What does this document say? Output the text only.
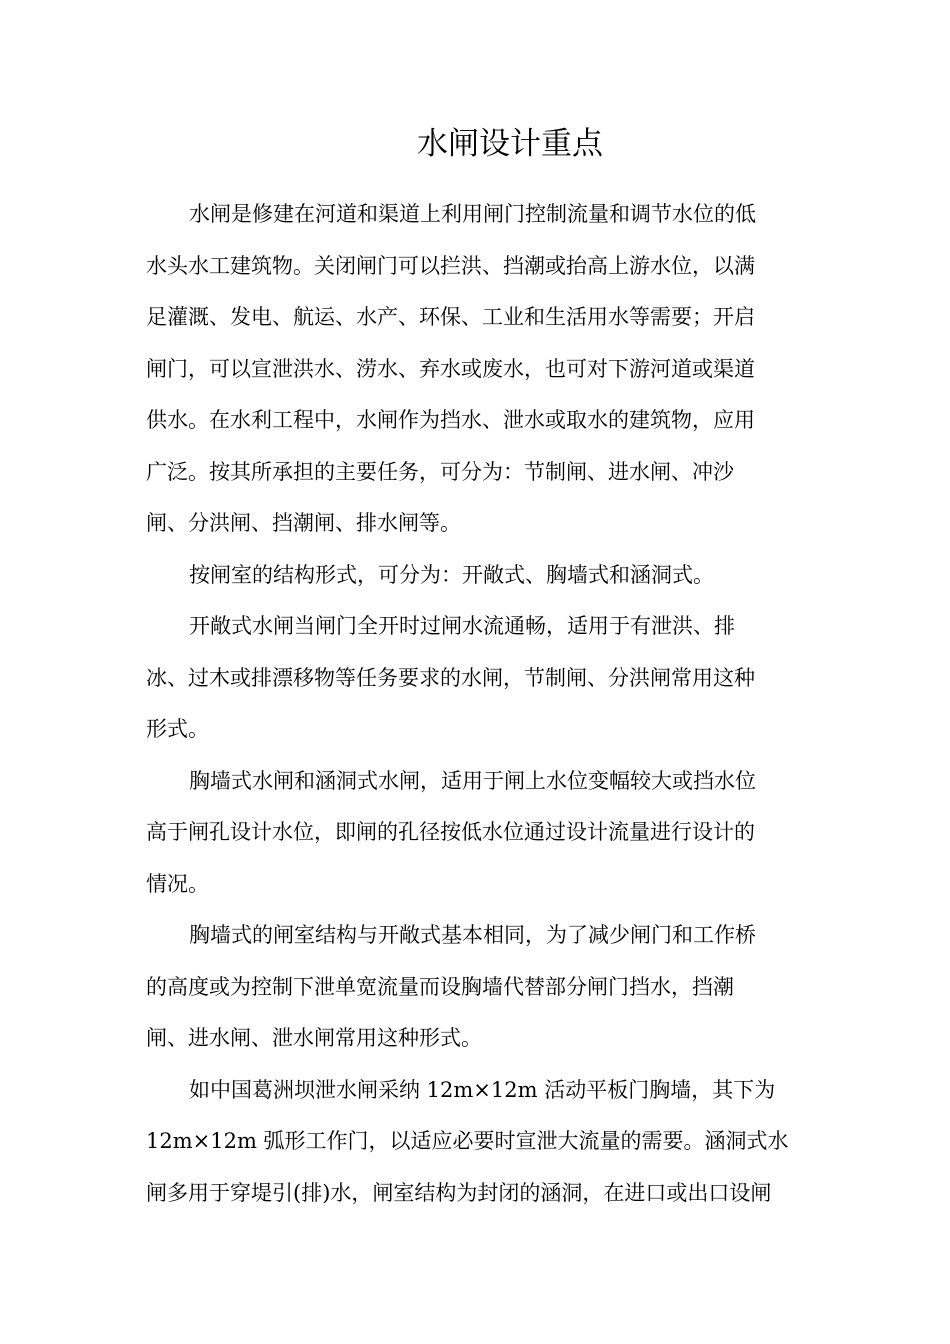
水闸设计重点

水闸是修建在河道和渠道上利用闸门控制流量和调节水位的低

水头水工建筑物。关闭闸门可以拦洪、挡潮或抬高上游水位，以满

足灌溉、发电、航运、水产、环保、工业和生活用水等需要；开启

闸门，可以宣泄洪水、涝水、弃水或废水，也可对下游河道或渠道

供水。在水利工程中，水闸作为挡水、泄水或取水的建筑物，应用

广泛。按其所承担的主要任务，可分为：节制闸、进水闸、冲沙

闸、分洪闸、挡潮闸、排水闸等。

按闸室的结构形式，可分为：开敞式、胸墙式和涵洞式。

开敞式水闸当闸门全开时过闸水流通畅，适用于有泄洪、排

冰、过木或排漂移物等任务要求的水闸，节制闸、分洪闸常用这种

形式。

胸墙式水闸和涵洞式水闸，适用于闸上水位变幅较大或挡水位

高于闸孔设计水位，即闸的孔径按低水位通过设计流量进行设计的

情况。

胸墙式的闸室结构与开敞式基本相同，为了减少闸门和工作桥

的高度或为控制下泄单宽流量而设胸墙代替部分闸门挡水，挡潮

闸、进水闸、泄水闸常用这种形式。

如中国葛洲坝泄水闸采纳 12m×12m 活动平板门胸墙，其下为

12m×12m 弧形工作门，以适应必要时宣泄大流量的需要。涵洞式水

闸多用于穿堤引(排)水，闸室结构为封闭的涵洞，在进口或出口设闸
